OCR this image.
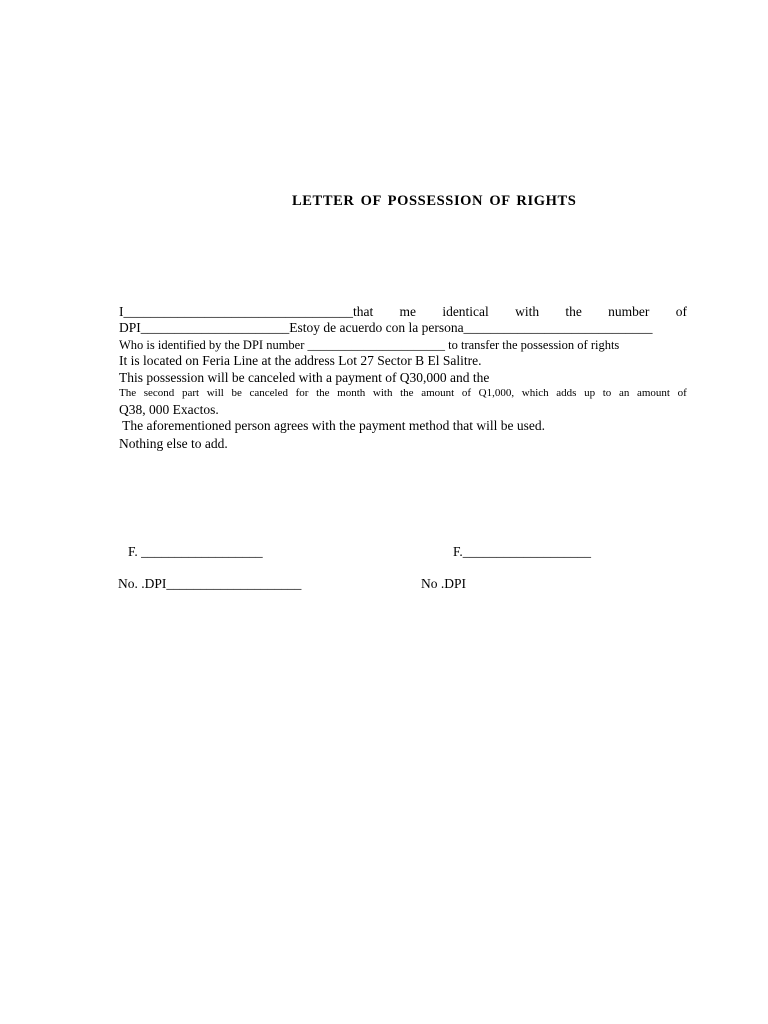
LETTER OF POSSESSION OF RIGHTS
I__________________________________that me identical with the number of
DPI______________________Estoy de acuerdo con la persona____________________________
Who is identified by the DPI number ______________________ to transfer the possession of rights
It is located on Feria Line at the address Lot 27 Sector B El Salitre.
This possession will be canceled with a payment of Q30,000 and the
The second part will be canceled for the month with the amount of Q1,000, which adds up to an amount of
Q38, 000 Exactos.
The aforementioned person agrees with the payment method that will be used.
Nothing else to add.
F. __________________	F.___________________
No. .DPI____________________	No .DPI
